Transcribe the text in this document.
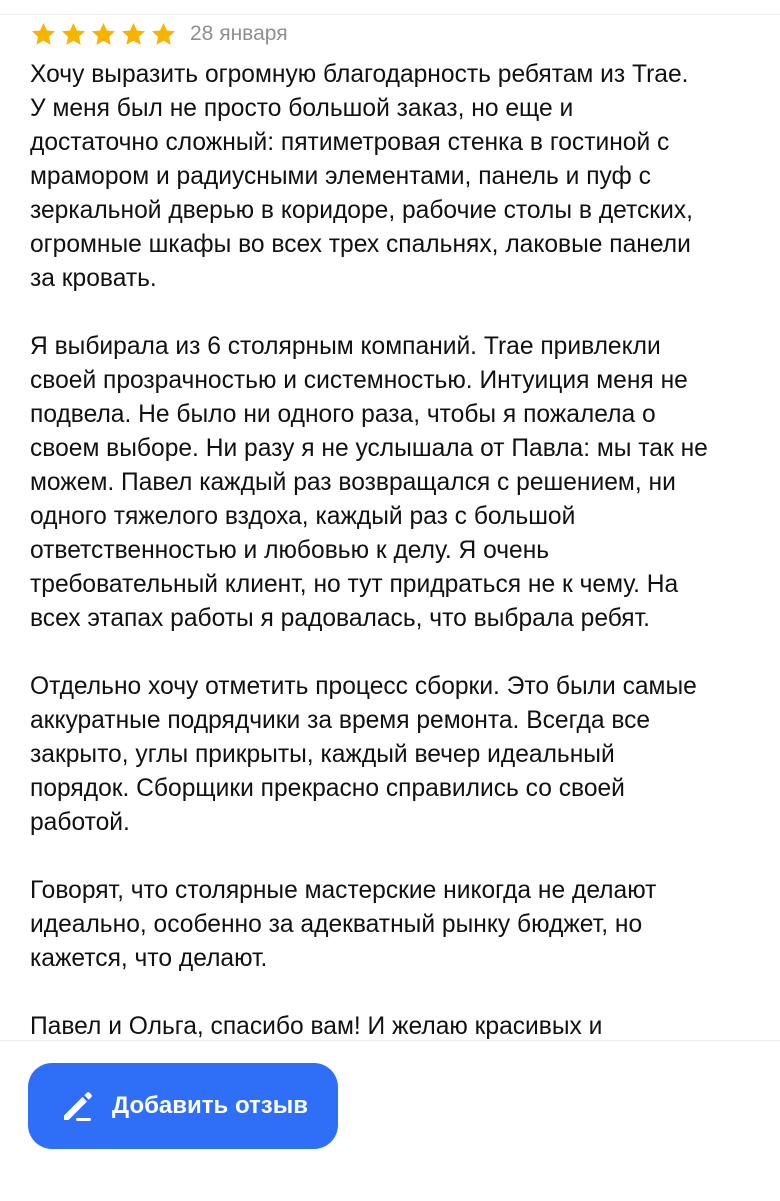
28 января
Хочу выразить огромную благодарность ребятам из Trae.
У меня был не просто большой заказ, но еще и
достаточно сложный: пятиметровая стенка в гостиной с
мрамором и радиусными элементами, панель и пуф с
зеркальной дверью в коридоре, рабочие столы в детских,
огромные шкафы во всех трех спальнях, лаковые панели
за кровать.

Я выбирала из 6 столярным компаний. Trae привлекли
своей прозрачностью и системностью. Интуиция меня не
подвела. Не было ни одного раза, чтобы я пожалела о
своем выборе. Ни разу я не услышала от Павла: мы так не
можем. Павел каждый раз возвращался с решением, ни
одного тяжелого вздоха, каждый раз с большой
ответственностью и любовью к делу. Я очень
требовательный клиент, но тут придраться не к чему. На
всех этапах работы я радовалась, что выбрала ребят.

Отдельно хочу отметить процесс сборки. Это были самые
аккуратные подрядчики за время ремонта. Всегда все
закрыто, углы прикрыты, каждый вечер идеальный
порядок. Сборщики прекрасно справились со своей
работой.

Говорят, что столярные мастерские никогда не делают
идеально, особенно за адекватный рынку бюджет, но
кажется, что делают.

Павел и Ольга, спасибо вам! И желаю красивых и

Добавить отзыв
